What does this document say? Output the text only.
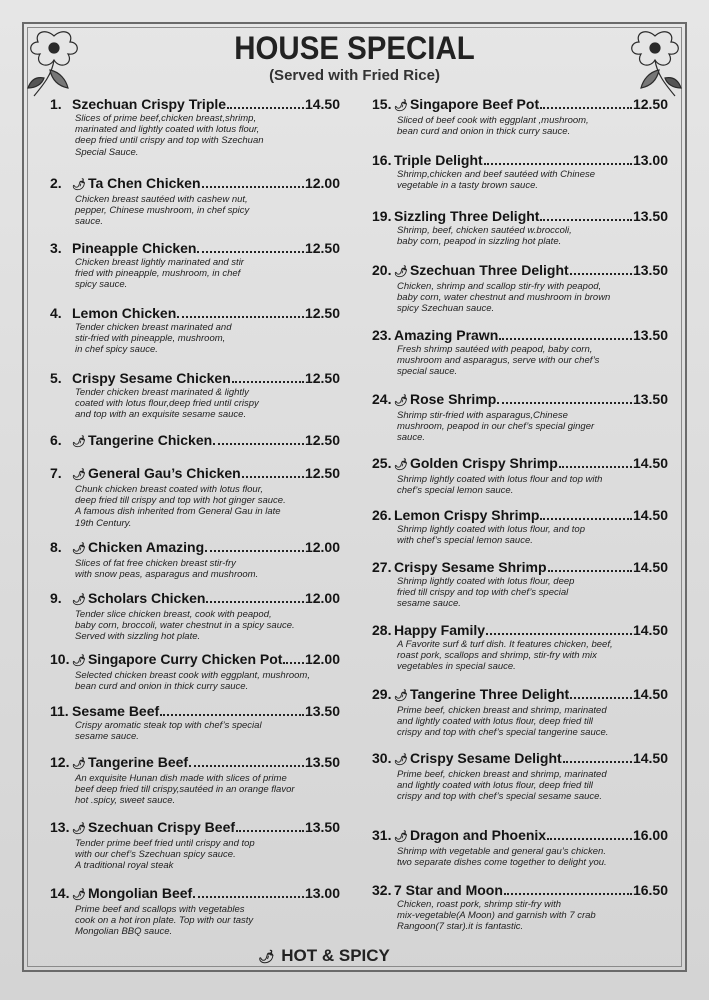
HOUSE SPECIAL
(Served with Fried Rice)
1. Szechuan Crispy Triple	14.50
Slices of prime beef,chicken breast,shrimp,
marinated and lightly coated with lotus flour,
deep fried until crispy and top with Szechuan
Special Sauce.
2. 🌶︎ Ta Chen Chicken	12.00
Chicken breast sautéed with cashew nut,
pepper, Chinese mushroom, in chef spicy
sauce.
3. Pineapple Chicken	12.50
Chicken breast lightly marinated and stir
fried with pineapple, mushroom, in chef
spicy sauce.
4. Lemon Chicken	12.50
Tender chicken breast marinated and
stir-fried with pineapple, mushroom,
in chef spicy sauce.
5. Crispy Sesame Chicken	12.50
Tender chicken breast marinated & lightly
coated with lotus flour,deep fried until crispy
and top with an exquisite sesame sauce.
6. 🌶︎ Tangerine Chicken	12.50
7. 🌶︎ General Gau’s Chicken	12.50
Chunk chicken breast coated with lotus flour,
deep fried till crispy and top with hot ginger sauce.
A famous dish inherited from General Gau in late
19th Century.
8. 🌶︎ Chicken Amazing	12.00
Slices of fat free chicken breast stir-fry
with snow peas, asparagus and mushroom.
9. 🌶︎ Scholars Chicken	12.00
Tender slice chicken breast, cook with peapod,
baby corn, broccoli, water chestnut in a spicy sauce.
Served with sizzling hot plate.
10. 🌶︎ Singapore Curry Chicken Pot 12.00
Selected chicken breast cook with eggplant, mushroom,
bean curd and onion in thick curry sauce.
11. Sesame Beef	13.50
Crispy aromatic steak top with chef’s special
sesame sauce.
12. 🌶︎ Tangerine Beef	13.50
An exquisite Hunan dish made with slices of prime
beef deep fried till crispy,sautéed in an orange flavor
hot .spicy, sweet sauce.
13. 🌶︎ Szechuan Crispy Beef	13.50
Tender prime beef fried until crispy and top
with our chef’s Szechuan spicy sauce.
A traditional royal steak
14. 🌶︎ Mongolian Beef	13.00
Prime beef and scallops with vegetables
cook on a hot iron plate. Top with our tasty
Mongolian BBQ sauce.
15. 🌶︎ Singapore Beef Pot	12.50
Sliced of beef cook with eggplant ,mushroom,
bean curd and onion in thick curry sauce.
16. Triple Delight	13.00
Shrimp,chicken and beef sautéed with Chinese
vegetable in a tasty brown sauce.
19. Sizzling Three Delight	13.50
Shrimp, beef, chicken sautéed w.broccoli,
baby corn, peapod in sizzling hot plate.
20. 🌶︎ Szechuan Three Delight	13.50
Chicken, shrimp and scallop stir-fry with peapod,
baby corn, water chestnut and mushroom in brown
spicy Szechuan sauce.
23. Amazing Prawn	13.50
Fresh shrimp sautéed with peapod, baby corn,
mushroom and asparagus, serve with our chef’s
special sauce.
24. 🌶︎ Rose Shrimp	13.50
Shrimp stir-fried with asparagus,Chinese
mushroom, peapod in our chef’s special ginger
sauce.
25. 🌶︎ Golden Crispy Shrimp	14.50
Shrimp lightly coated with lotus flour and top with
chef’s special lemon sauce.
26. Lemon Crispy Shrimp	14.50
Shrimp lightly coated with lotus flour, and top
with chef’s special lemon sauce.
27. Crispy Sesame Shrimp	14.50
Shrimp lightly coated with lotus flour, deep
fried till crispy and top with chef’s special
sesame sauce.
28. Happy Family	14.50
A Favorite surf & turf dish. It features chicken, beef,
roast pork, scallops and shrimp, stir-fry with mix
vegetables in special sauce.
29. 🌶︎ Tangerine Three Delight	14.50
Prime beef, chicken breast and shrimp, marinated
and lightly coated with lotus flour, deep fried till
crispy and top with chef’s special tangerine sauce.
30. 🌶︎ Crispy Sesame Delight	14.50
Prime beef, chicken breast and shrimp, marinated
and lightly coated with lotus flour, deep fried till
crispy and top with chef’s special sesame sauce.
31. 🌶︎ Dragon and Phoenix	16.00
Shrimp with vegetable and general gau’s chicken.
two separate dishes come together to delight you.
32. 7 Star and Moon	16.50
Chicken, roast pork, shrimp stir-fry with
mix-vegetable(A Moon) and garnish with 7 crab
Rangoon(7 star).it is fantastic.
🌶︎ HOT & SPICY
